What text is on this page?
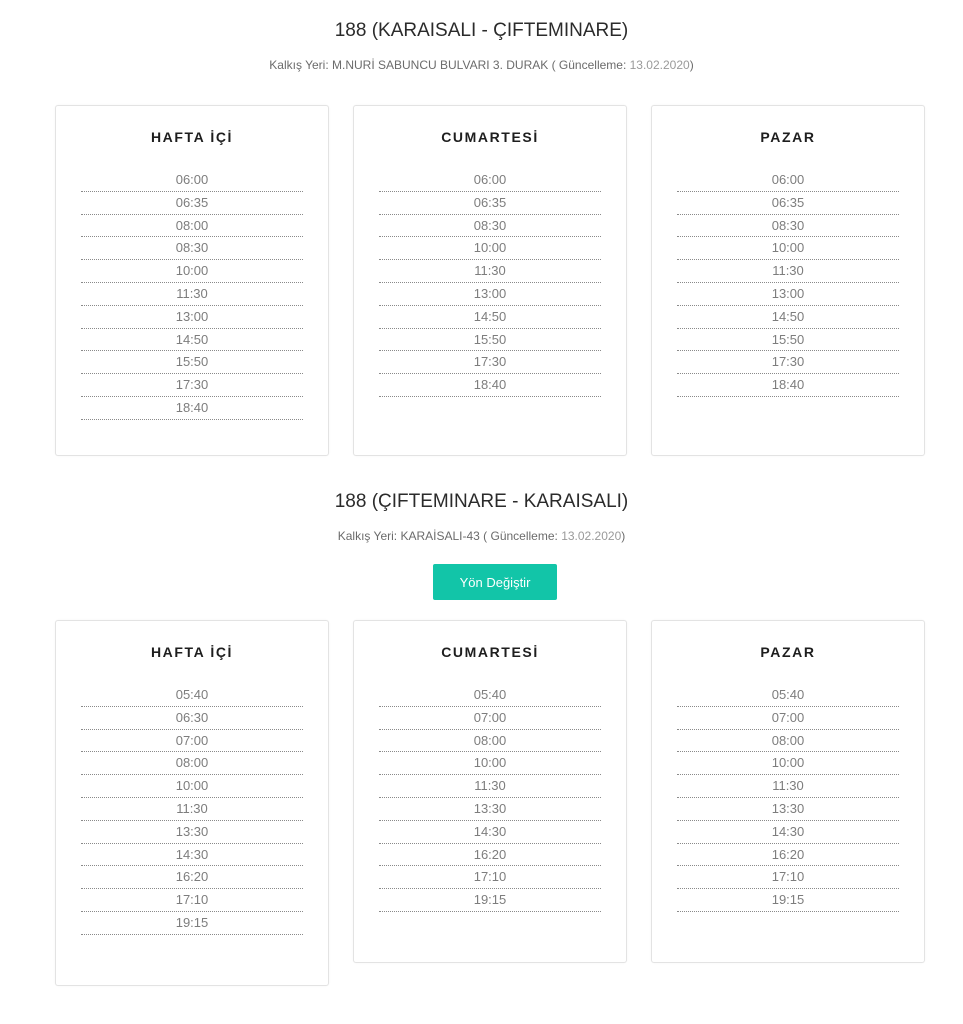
188 (KARAISALI - ÇIFTEMINARE)

Kalkış Yeri: M.NURİ SABUNCU BULVARI 3. DURAK ( Güncelleme: 13.02.2020)

HAFTA İÇİ
06:00
06:35
08:00
08:30
10:00
11:30
13:00
14:50
15:50
17:30
18:40
CUMARTESİ
06:00
06:35
08:30
10:00
11:30
13:00
14:50
15:50
17:30
18:40
PAZAR
06:00
06:35
08:30
10:00
11:30
13:00
14:50
15:50
17:30
18:40
188 (ÇIFTEMINARE - KARAISALI)

Kalkış Yeri: KARAİSALI-43 ( Güncelleme: 13.02.2020)

Yön Değiştir
HAFTA İÇİ
05:40
06:30
07:00
08:00
10:00
11:30
13:30
14:30
16:20
17:10
19:15
CUMARTESİ
05:40
07:00
08:00
10:00
11:30
13:30
14:30
16:20
17:10
19:15
PAZAR
05:40
07:00
08:00
10:00
11:30
13:30
14:30
16:20
17:10
19:15
